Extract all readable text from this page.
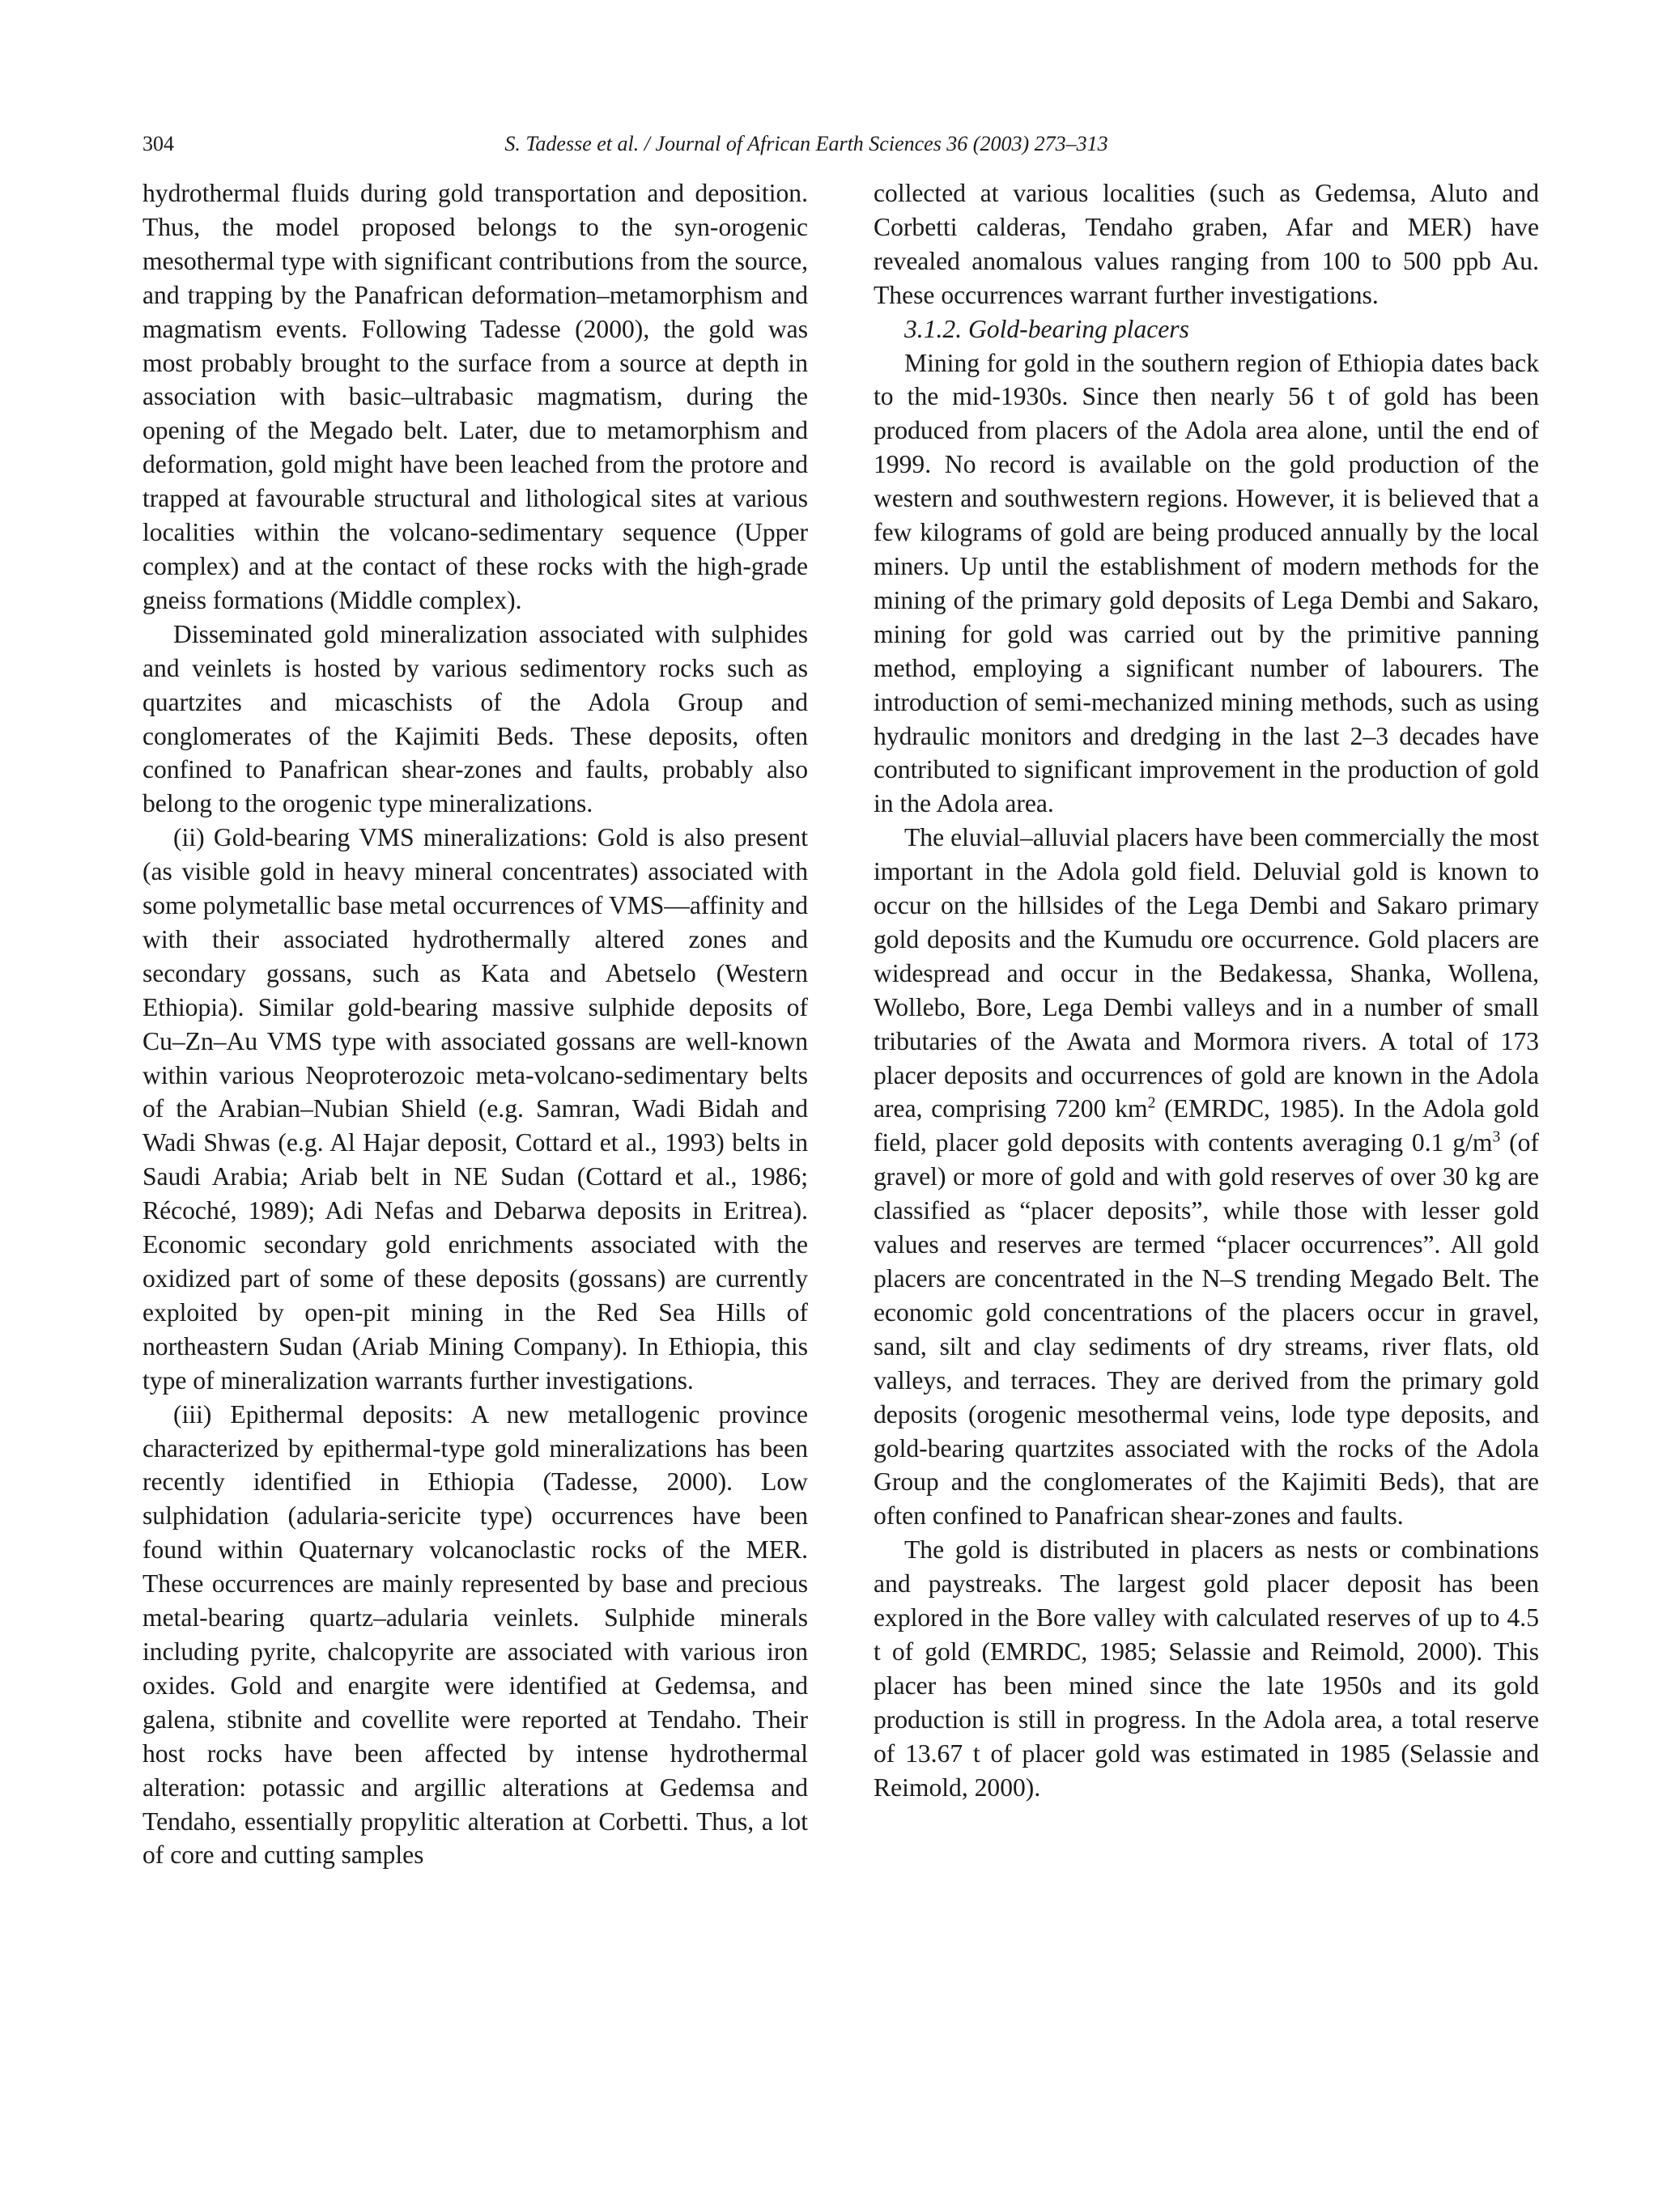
304	S. Tadesse et al. / Journal of African Earth Sciences 36 (2003) 273–313

hydrothermal fluids during gold transportation and deposition. Thus, the model proposed belongs to the syn-orogenic mesothermal type with significant contributions from the source, and trapping by the Panafrican deformation–metamorphism and magmatism events. Following Tadesse (2000), the gold was most probably brought to the surface from a source at depth in association with basic–ultrabasic magmatism, during the opening of the Megado belt. Later, due to metamorphism and deformation, gold might have been leached from the protore and trapped at favourable structural and lithological sites at various localities within the volcano-sedimentary sequence (Upper complex) and at the contact of these rocks with the high-grade gneiss formations (Middle complex).

Disseminated gold mineralization associated with sulphides and veinlets is hosted by various sedimentory rocks such as quartzites and micaschists of the Adola Group and conglomerates of the Kajimiti Beds. These deposits, often confined to Panafrican shear-zones and faults, probably also belong to the orogenic type mineralizations.

(ii) Gold-bearing VMS mineralizations: Gold is also present (as visible gold in heavy mineral concentrates) associated with some polymetallic base metal occurrences of VMS—affinity and with their associated hydrothermally altered zones and secondary gossans, such as Kata and Abetselo (Western Ethiopia). Similar gold-bearing massive sulphide deposits of Cu–Zn–Au VMS type with associated gossans are well-known within various Neoproterozoic meta-volcano-sedimentary belts of the Arabian–Nubian Shield (e.g. Samran, Wadi Bidah and Wadi Shwas (e.g. Al Hajar deposit, Cottard et al., 1993) belts in Saudi Arabia; Ariab belt in NE Sudan (Cottard et al., 1986; Récoché, 1989); Adi Nefas and Debarwa deposits in Eritrea). Economic secondary gold enrichments associated with the oxidized part of some of these deposits (gossans) are currently exploited by open-pit mining in the Red Sea Hills of northeastern Sudan (Ariab Mining Company). In Ethiopia, this type of mineralization warrants further investigations.

(iii) Epithermal deposits: A new metallogenic province characterized by epithermal-type gold mineralizations has been recently identified in Ethiopia (Tadesse, 2000). Low sulphidation (adularia-sericite type) occurrences have been found within Quaternary volcanoclastic rocks of the MER. These occurrences are mainly represented by base and precious metal-bearing quartz–adularia veinlets. Sulphide minerals including pyrite, chalcopyrite are associated with various iron oxides. Gold and enargite were identified at Gedemsa, and galena, stibnite and covellite were reported at Tendaho. Their host rocks have been affected by intense hydrothermal alteration: potassic and argillic alterations at Gedemsa and Tendaho, essentially propylitic alteration at Corbetti. Thus, a lot of core and cutting samples

collected at various localities (such as Gedemsa, Aluto and Corbetti calderas, Tendaho graben, Afar and MER) have revealed anomalous values ranging from 100 to 500 ppb Au. These occurrences warrant further investigations.

3.1.2. Gold-bearing placers

Mining for gold in the southern region of Ethiopia dates back to the mid-1930s. Since then nearly 56 t of gold has been produced from placers of the Adola area alone, until the end of 1999. No record is available on the gold production of the western and southwestern regions. However, it is believed that a few kilograms of gold are being produced annually by the local miners. Up until the establishment of modern methods for the mining of the primary gold deposits of Lega Dembi and Sakaro, mining for gold was carried out by the primitive panning method, employing a significant number of labourers. The introduction of semi-mechanized mining methods, such as using hydraulic monitors and dredging in the last 2–3 decades have contributed to significant improvement in the production of gold in the Adola area.

The eluvial–alluvial placers have been commercially the most important in the Adola gold field. Deluvial gold is known to occur on the hillsides of the Lega Dembi and Sakaro primary gold deposits and the Kumudu ore occurrence. Gold placers are widespread and occur in the Bedakessa, Shanka, Wollena, Wollebo, Bore, Lega Dembi valleys and in a number of small tributaries of the Awata and Mormora rivers. A total of 173 placer deposits and occurrences of gold are known in the Adola area, comprising 7200 $km^2$ (EMRDC, 1985). In the Adola gold field, placer gold deposits with contents averaging 0.1 $g/m^3$ (of gravel) or more of gold and with gold reserves of over 30 kg are classified as “placer deposits”, while those with lesser gold values and reserves are termed “placer occurrences”. All gold placers are concentrated in the N–S trending Megado Belt. The economic gold concentrations of the placers occur in gravel, sand, silt and clay sediments of dry streams, river flats, old valleys, and terraces. They are derived from the primary gold deposits (orogenic mesothermal veins, lode type deposits, and gold-bearing quartzites associated with the rocks of the Adola Group and the conglomerates of the Kajimiti Beds), that are often confined to Panafrican shear-zones and faults.

The gold is distributed in placers as nests or combinations and paystreaks. The largest gold placer deposit has been explored in the Bore valley with calculated reserves of up to 4.5 t of gold (EMRDC, 1985; Selassie and Reimold, 2000). This placer has been mined since the late 1950s and its gold production is still in progress. In the Adola area, a total reserve of 13.67 t of placer gold was estimated in 1985 (Selassie and Reimold, 2000).
